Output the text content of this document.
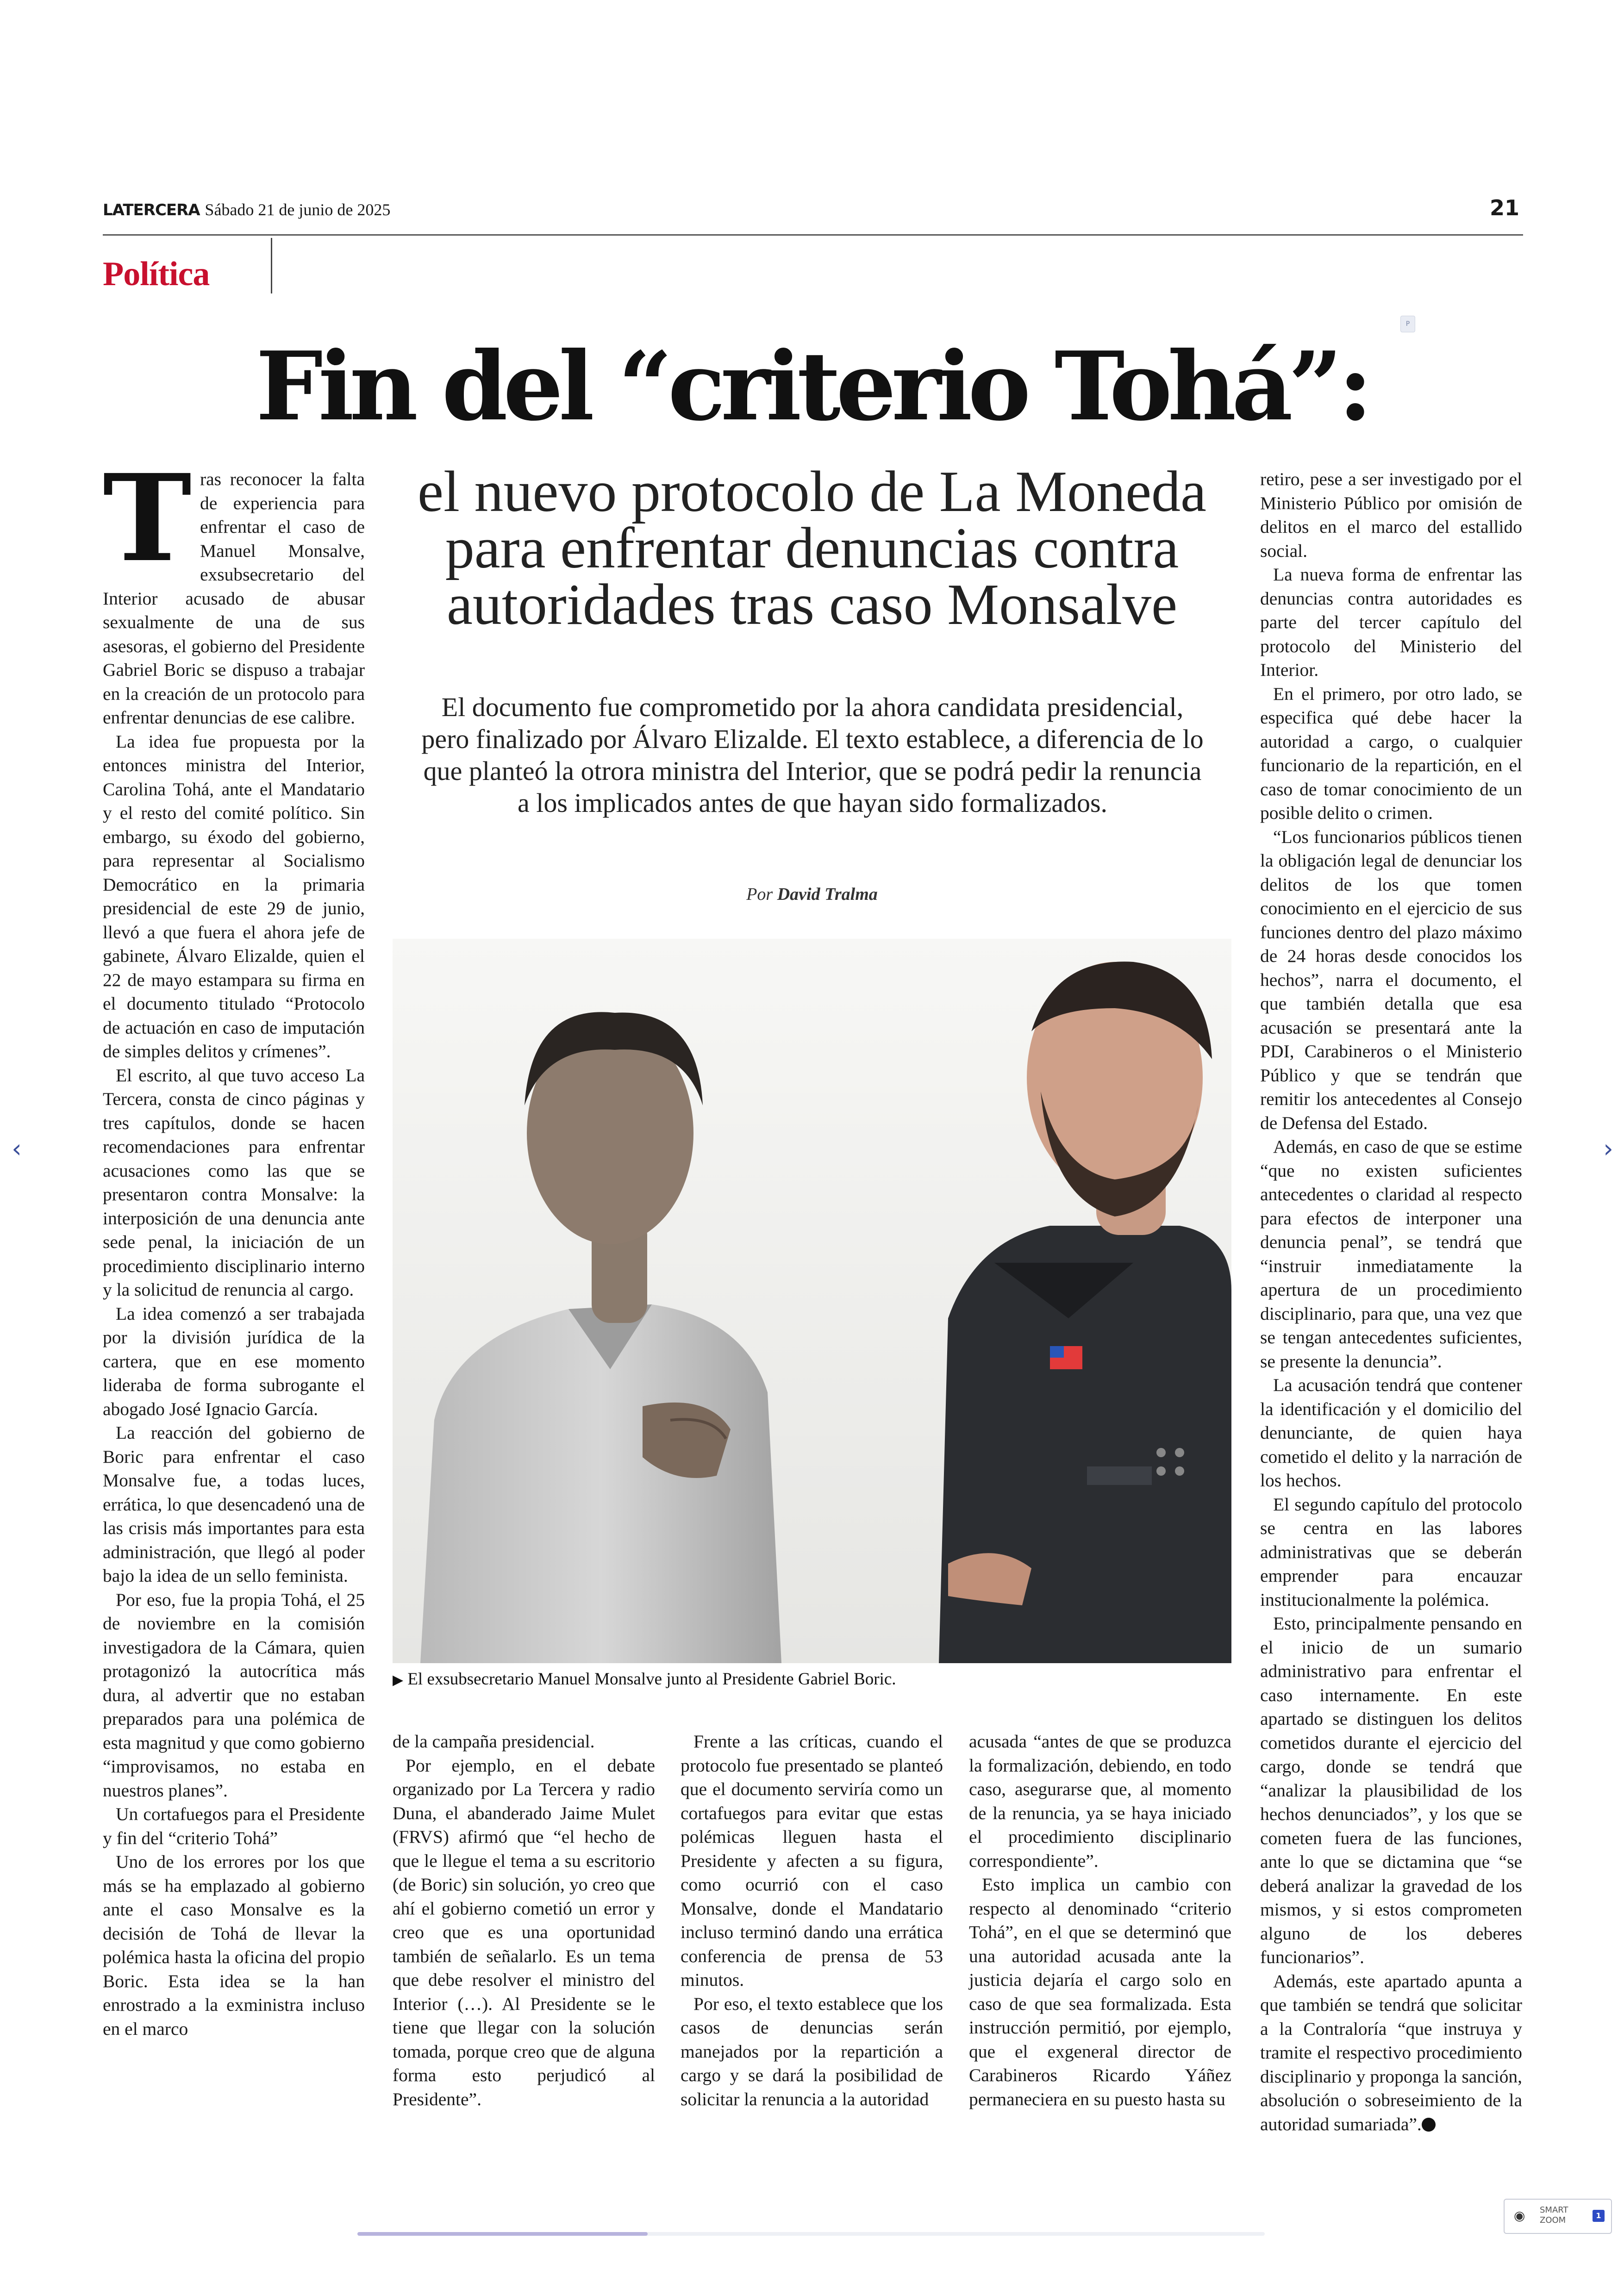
LATERCERA Sábado 21 de junio de 2025	21
Política
P
Fin del “criterio Tohá”:
el nuevo protocolo de La Moneda para enfrentar denuncias contra autoridades tras caso Monsalve
El documento fue comprometido por la ahora candidata presidencial, pero finalizado por Álvaro Elizalde. El texto establece, a diferencia de lo que planteó la otrora ministra del Interior, que se podrá pedir la renuncia a los implicados antes de que hayan sido formalizados.
Por David Tralma
▶ El exsubsecretario Manuel Monsalve junto al Presidente Gabriel Boric.
T ras reconocer la falta de experiencia para enfrentar el caso de Manuel Monsalve, exsubsecretario del Interior acusado de abusar sexualmente de una de sus asesoras, el gobierno del Presidente Gabriel Boric se dispuso a trabajar en la creación de un protocolo para enfrentar denuncias de ese calibre.

La idea fue propuesta por la entonces ministra del Interior, Carolina Tohá, ante el Mandatario y el resto del comité político. Sin embargo, su éxodo del gobierno, para representar al Socialismo Democrático en la primaria presidencial de este 29 de junio, llevó a que fuera el ahora jefe de gabinete, Álvaro Elizalde, quien el 22 de mayo estampara su firma en el documento titulado “Protocolo de actuación en caso de imputación de simples delitos y crímenes”.

El escrito, al que tuvo acceso La Tercera, consta de cinco páginas y tres capítulos, donde se hacen recomendaciones para enfrentar acusaciones como las que se presentaron contra Monsalve: la interposición de una denuncia ante sede penal, la iniciación de un procedimiento disciplinario interno y la solicitud de renuncia al cargo.

La idea comenzó a ser trabajada por la división jurídica de la cartera, que en ese momento lideraba de forma subrogante el abogado José Ignacio García.

La reacción del gobierno de Boric para enfrentar el caso Monsalve fue, a todas luces, errática, lo que desencadenó una de las crisis más importantes para esta administración, que llegó al poder bajo la idea de un sello feminista.

Por eso, fue la propia Tohá, el 25 de noviembre en la comisión investigadora de la Cámara, quien protagonizó la autocrítica más dura, al advertir que no estaban preparados para una polémica de esta magnitud y que como gobierno “improvisamos, no estaba en nuestros planes”.

Un cortafuegos para el Presidente y fin del “criterio Tohá”

Uno de los errores por los que más se ha emplazado al gobierno ante el caso Monsalve es la decisión de Tohá de llevar la polémica hasta la oficina del propio Boric. Esta idea se la han enrostrado a la exministra incluso en el marco

de la campaña presidencial.

Por ejemplo, en el debate organizado por La Tercera y radio Duna, el abanderado Jaime Mulet (FRVS) afirmó que “el hecho de que le llegue el tema a su escritorio (de Boric) sin solución, yo creo que ahí el gobierno cometió un error y creo que es una oportunidad también de señalarlo. Es un tema que debe resolver el ministro del Interior (…). Al Presidente se le tiene que llegar con la solución tomada, porque creo que de alguna forma esto perjudicó al Presidente”.

Frente a las críticas, cuando el protocolo fue presentado se planteó que el documento serviría como un cortafuegos para evitar que estas polémicas lleguen hasta el Presidente y afecten a su figura, como ocurrió con el caso Monsalve, donde el Mandatario incluso terminó dando una errática conferencia de prensa de 53 minutos.

Por eso, el texto establece que los casos de denuncias serán manejados por la repartición a cargo y se dará la posibilidad de solicitar la renuncia a la autoridad

acusada “antes de que se produzca la formalización, debiendo, en todo caso, asegurarse que, al momento de la renuncia, ya se haya iniciado el procedimiento disciplinario correspondiente”.

Esto implica un cambio con respecto al denominado “criterio Tohá”, en el que se determinó que una autoridad acusada ante la justicia dejaría el cargo solo en caso de que sea formalizada. Esta instrucción permitió, por ejemplo, que el exgeneral director de Carabineros Ricardo Yáñez permaneciera en su puesto hasta su

retiro, pese a ser investigado por el Ministerio Público por omisión de delitos en el marco del estallido social.

La nueva forma de enfrentar las denuncias contra autoridades es parte del tercer capítulo del protocolo del Ministerio del Interior.

En el primero, por otro lado, se especifica qué debe hacer la autoridad a cargo, o cualquier funcionario de la repartición, en el caso de tomar conocimiento de un posible delito o crimen.

“Los funcionarios públicos tienen la obligación legal de denunciar los delitos de los que tomen conocimiento en el ejercicio de sus funciones dentro del plazo máximo de 24 horas desde conocidos los hechos”, narra el documento, el que también detalla que esa acusación se presentará ante la PDI, Carabineros o el Ministerio Público y que se tendrán que remitir los antecedentes al Consejo de Defensa del Estado.

Además, en caso de que se estime “que no existen suficientes antecedentes o claridad al respecto para efectos de interponer una denuncia penal”, se tendrá que “instruir inmediatamente la apertura de un procedimiento disciplinario, para que, una vez que se tengan antecedentes suficientes, se presente la denuncia”.

La acusación tendrá que contener la identificación y el domicilio del denunciante, de quien haya cometido el delito y la narración de los hechos.

El segundo capítulo del protocolo se centra en las labores administrativas que se deberán emprender para encauzar institucionalmente la polémica.

Esto, principalmente pensando en el inicio de un sumario administrativo para enfrentar el caso internamente. En este apartado se distinguen los delitos cometidos durante el ejercicio del cargo, donde se tendrá que “analizar la plausibilidad de los hechos denunciados”, y los que se cometen fuera de las funciones, ante lo que se dictamina que “se deberá analizar la gravedad de los mismos, y si estos comprometen alguno de los deberes funcionarios”.

Además, este apartado apunta a que también se tendrá que solicitar a la Contraloría “que instruya y tramite el respectivo procedimiento disciplinario y proponga la sanción, absolución o sobreseimiento de la autoridad sumariada”.

‹	›
◉ SMART
ZOOM	1
